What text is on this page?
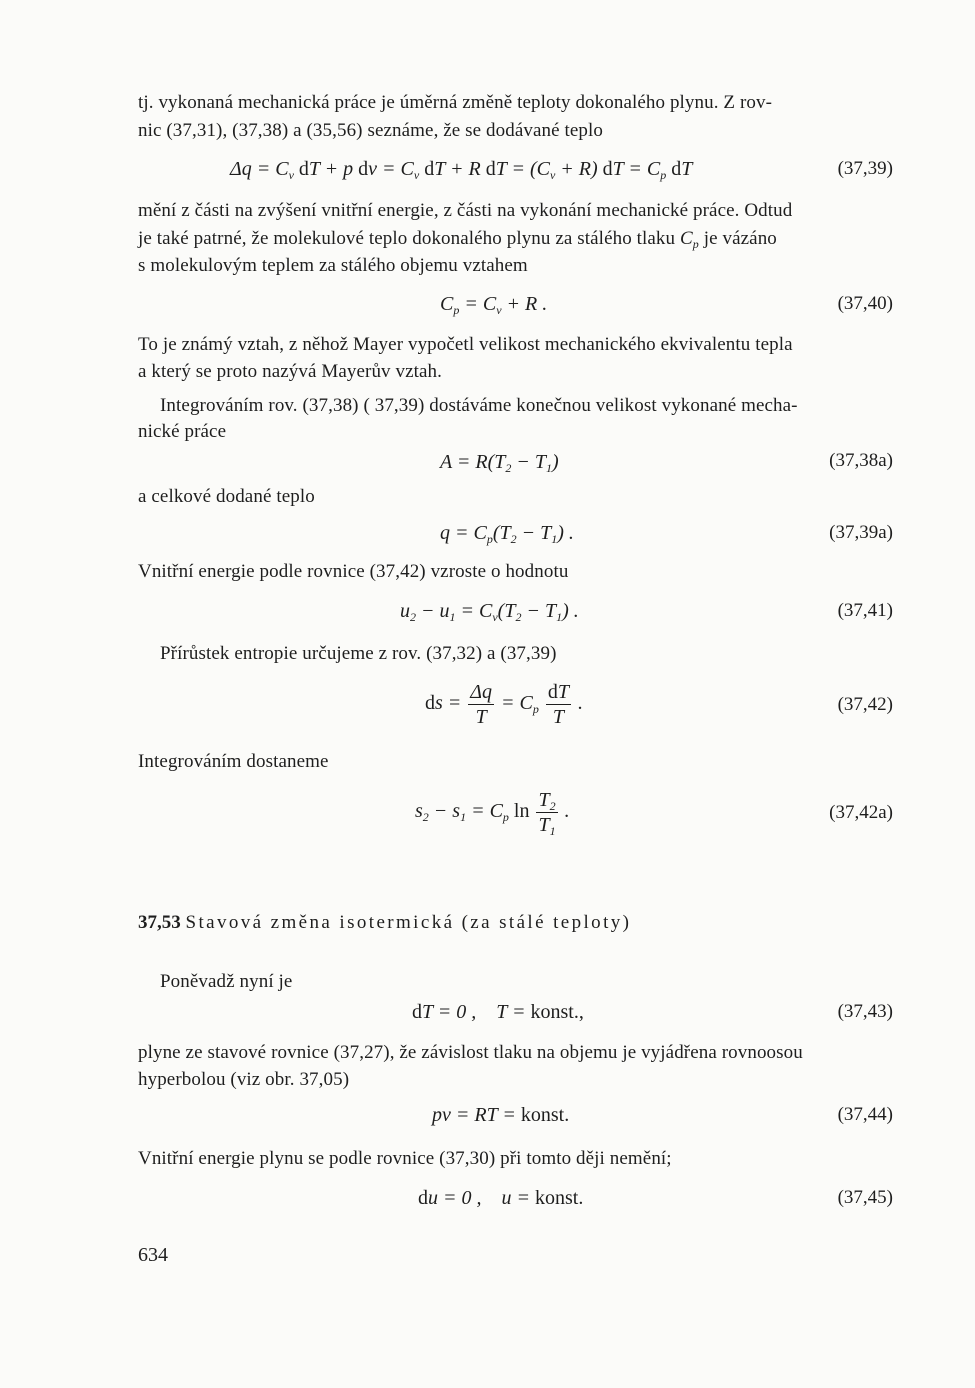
tj. vykonaná mechanická práce je úměrná změně teploty dokonalého plynu. Z rov-
nic (37,31), (37,38) a (35,56) seznáme, že se dodávané teplo
$\Delta q = C_v$ dT + p dv = $C_v$ dT + R dT = $(C_v + R)$ dT = $C_p$ dT	(37,39)
mění z části na zvýšení vnitřní energie, z části na vykonání mechanické práce. Odtud
je také patrné, že molekulové teplo dokonalého plynu za stálého tlaku $C_p$ je vázáno
s molekulovým teplem za stálého objemu vztahem
$C_p = C_v + R$ .	(37,40)
To je známý vztah, z něhož Mayer vypočetl velikost mechanického ekvivalentu tepla
a který se proto nazývá Mayerův vztah.
Integrováním rov. (37,38) ( 37,39) dostáváme konečnou velikost vykonané mecha-
nické práce
$A = R(T_2 - T_1)$	(37,38a)
a celkové dodané teplo
$q = C_p(T_2 - T_1)$ .	(37,39a)
Vnitřní energie podle rovnice (37,42) vzroste o hodnotu
$u_2 - u_1 = C_v(T_2 - T_1)$ .	(37,41)
Přírůstek entropie určujeme z rov. (37,32) a (37,39)
ds = $\frac{\Delta q}{T} = C_p \frac{dT}{T}$ .	(37,42)
Integrováním dostaneme
$s_2 - s_1 = C_p$ $\ln \frac{T_2}{T_1}$ .	(37,42a)
37,53 Stavová změna isotermická (za stálé teploty)
Poněvadž nyní je
dT = 0 ,    T = konst.,	(37,43)
plyne ze stavové rovnice (37,27), že závislost tlaku na objemu je vyjádřena rovnoosou
hyperbolou (viz obr. 37,05)
pv = RT = konst.	(37,44)
Vnitřní energie plynu se podle rovnice (37,30) při tomto ději nemění;
du = 0 ,    u = konst.	(37,45)
634
